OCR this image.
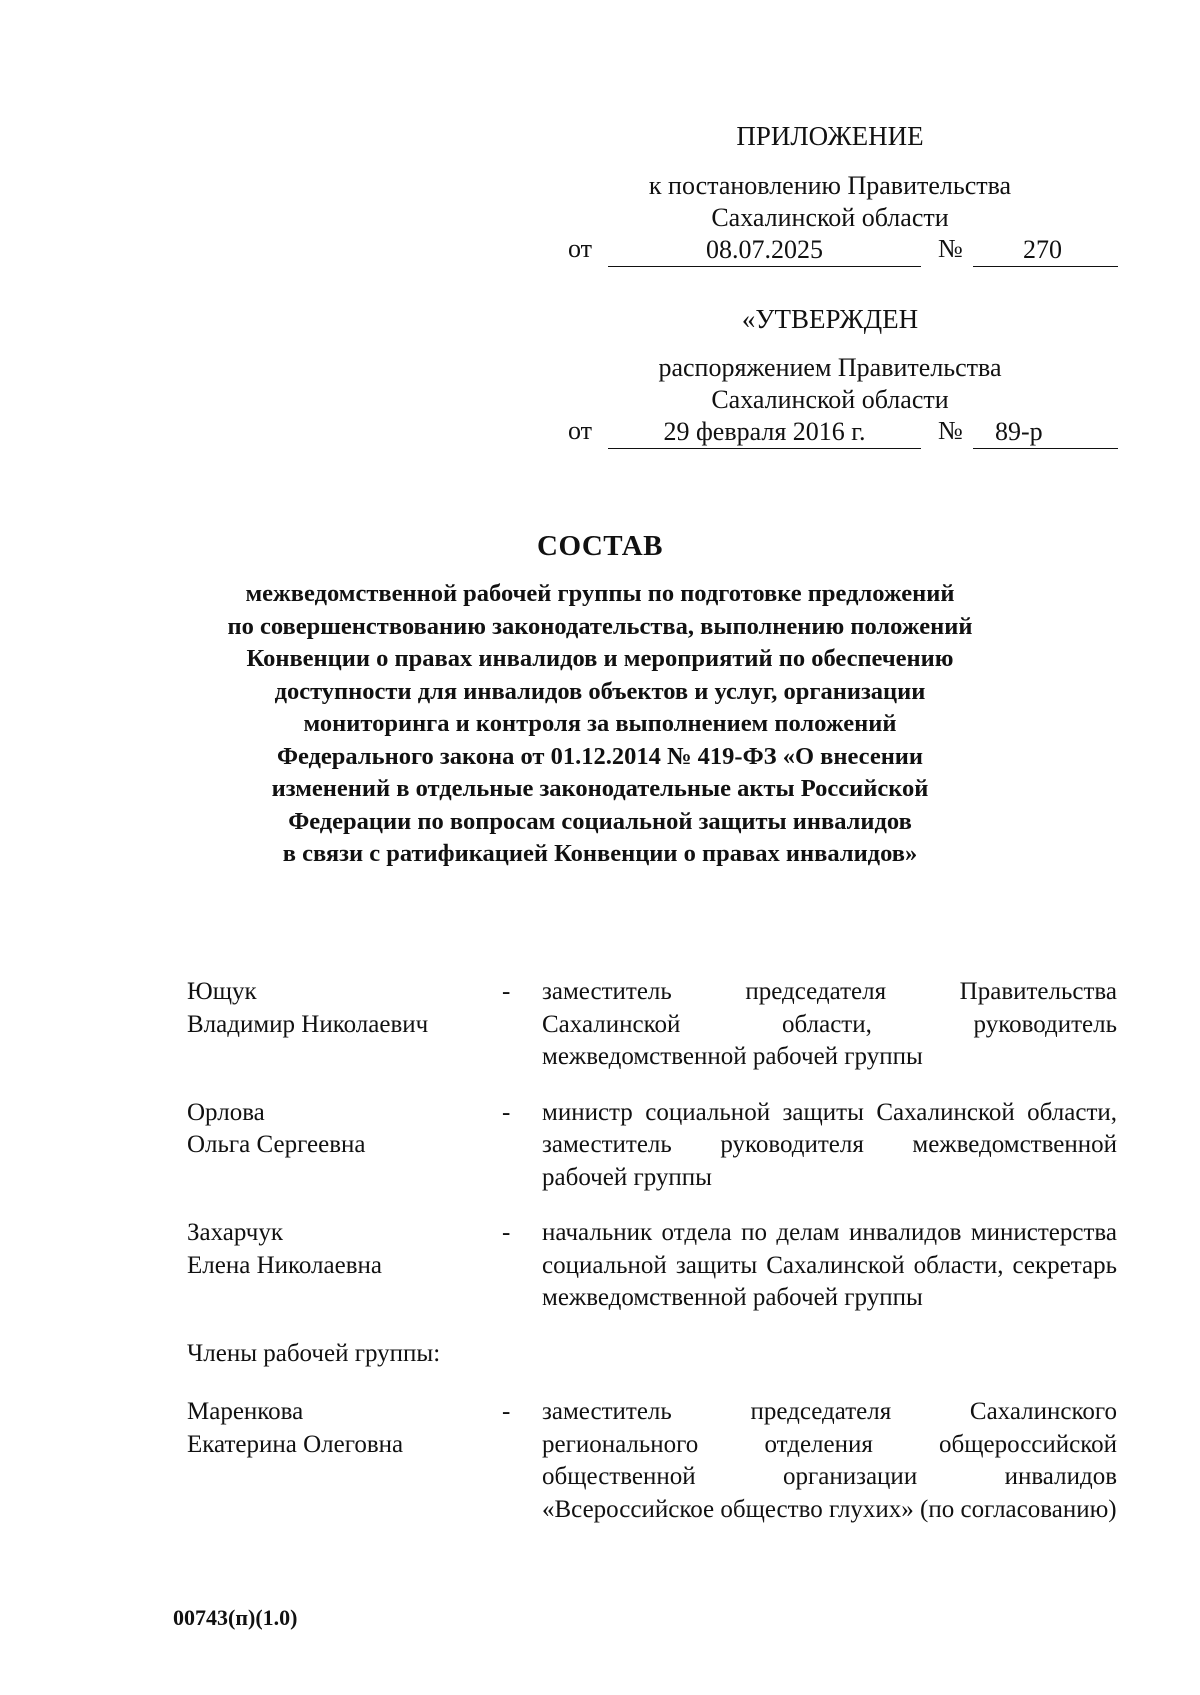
ПРИЛОЖЕНИЕ
к постановлению Правительства
Сахалинской области
от	08.07.2025	№	270
«УТВЕРЖДЕН
распоряжением Правительства
Сахалинской области
от	29 февраля 2016 г.	№	89-р
СОСТАВ
межведомственной рабочей группы по подготовке предложений
по совершенствованию законодательства, выполнению положений
Конвенции о правах инвалидов и мероприятий по обеспечению
доступности для инвалидов объектов и услуг, организации
мониторинга и контроля за выполнением положений
Федерального закона от 01.12.2014 № 419-ФЗ «О внесении
изменений в отдельные законодательные акты Российской
Федерации по вопросам социальной защиты инвалидов
в связи с ратификацией Конвенции о правах инвалидов»
Ющук
Владимир Николаевич
-	заместитель председателя Правительства Сахалинской области, руководитель межведомственной рабочей группы
Орлова
Ольга Сергеевна
-	министр социальной защиты Сахалинской области, заместитель руководителя межведомственной рабочей группы
Захарчук
Елена Николаевна
-	начальник отдела по делам инвалидов министерства социальной защиты Сахалинской области, секретарь межведомственной рабочей группы
Члены рабочей группы:
Маренкова
Екатерина Олеговна
-	заместитель председателя Сахалинского регионального отделения общероссийской общественной организации инвалидов «Всероссийское общество глухих» (по согласованию)
00743(п)(1.0)
